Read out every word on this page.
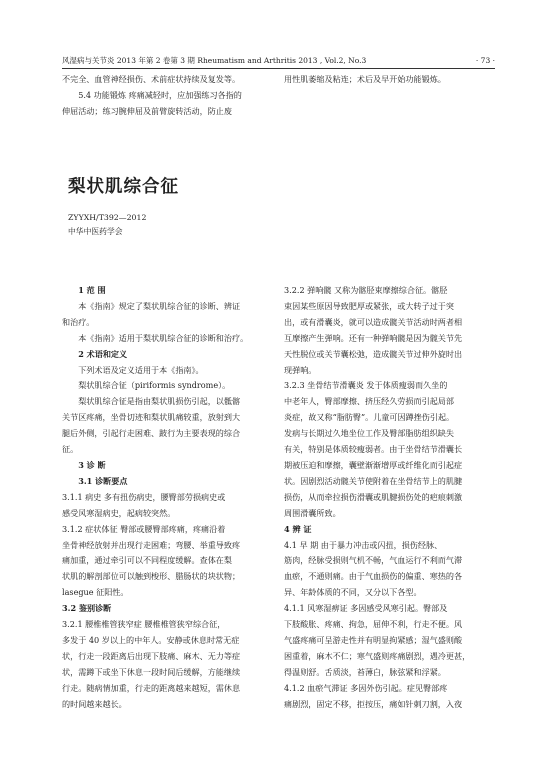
风湿病与关节炎 2013 年第 2 卷第 3 期 Rheumatism and Arthritis 2013 , Vol.2, No.3	· 73 ·

不完全、血管神经损伤、术前症状持续及复发等。

5.4 功能锻炼 疼痛减轻时，应加强练习各指的

伸屈活动；练习腕伸屈及前臂旋转活动，防止废

用性肌萎缩及粘连；术后及早开始功能锻炼。

梨状肌综合征
ZYYXH/T392—2012
中华中医药学会

1 范 围

本《指南》规定了梨状肌综合征的诊断、辨证

和治疗。

本《指南》适用于梨状肌综合征的诊断和治疗。

2 术语和定义

下列术语及定义适用于本《指南》。

梨状肌综合征（piriformis syndrome）。

梨状肌综合征是指由梨状肌损伤引起，以骶髂

关节区疼痛，坐骨切迹和梨状肌痛较重，放射到大

腿后外侧，引起行走困难、跛行为主要表现的综合

征。

3 诊 断

3.1 诊断要点

3.1.1 病史 多有扭伤病史，腰臀部劳损病史或

感受风寒湿病史，起病较突然。

3.1.2 症状体征 臀部或腰臀部疼痛，疼痛沿着

坐骨神经放射并出现行走困难；弯腰、举重导致疼

痛加重，通过牵引可以不同程度缓解。查体在梨

状肌的解剖部位可以触到梭形、腊肠状的块状物；

lasegue 征阳性。

3.2 鉴别诊断

3.2.1 腰椎椎管狭窄症 腰椎椎管狭窄综合征，

多发于 40 岁以上的中年人。安静或休息时常无症

状，行走一段距离后出现下肢痛、麻木、无力等症

状，需蹲下或坐下休息一段时间后缓解，方能继续

行走。随病情加重，行走的距离越来越短，需休息

的时间越来越长。

3.2.2 弹响髋 又称为髂胫束摩擦综合征。髂胫

束因某些原因导致肥厚或紧张，或大转子过于突

出，或有滑囊炎，就可以造成髋关节活动时两者相

互摩擦产生弹响。还有一种弹响髋是因为髋关节先

天性脱位或关节囊松弛，造成髋关节过伸外旋时出

现弹响。

3.2.3 坐骨结节滑囊炎 发于体质瘦弱而久坐的

中老年人，臀部摩擦、挤压经久劳损而引起局部

炎症，故又称“脂肪臀”。儿童可因蹲挫伤引起。

发病与长期过久地坐位工作及臀部脂肪组织缺失

有关，特别是体质较瘦弱者。由于坐骨结节滑囊长

期被压迫和摩擦，囊壁渐渐增厚或纤维化而引起症

状。因剧烈活动髋关节使附着在坐骨结节上的肌腱

损伤，从而牵拉损伤滑囊或肌腱损伤处的疤痕刺激

周围滑囊所致。

4 辨 证

4.1 早 期 由于暴力冲击或闪扭，损伤经脉、

筋肉，经脉受损则气机不畅，气血运行不利而气滞

血瘀，不通则痛。由于气血损伤的偏重、寒热的各

异、年龄体质的不同，又分以下各型。

4.1.1 风寒湿痹证 多因感受风寒引起。臀部及

下肢酸胀、疼痛、拘急，屈伸不利，行走不便。风

气盛疼痛可呈游走性并有明显拘紧感；湿气盛则酸

困重着，麻木不仁；寒气盛则疼痛剧烈，遇冷更甚，

得温则舒。舌质淡，苔薄白，脉弦紧和浮紧。

4.1.2 血瘀气滞证 多因外伤引起。症见臀部疼

痛剧烈，固定不移，拒按压，痛如针刺刀割，入夜
